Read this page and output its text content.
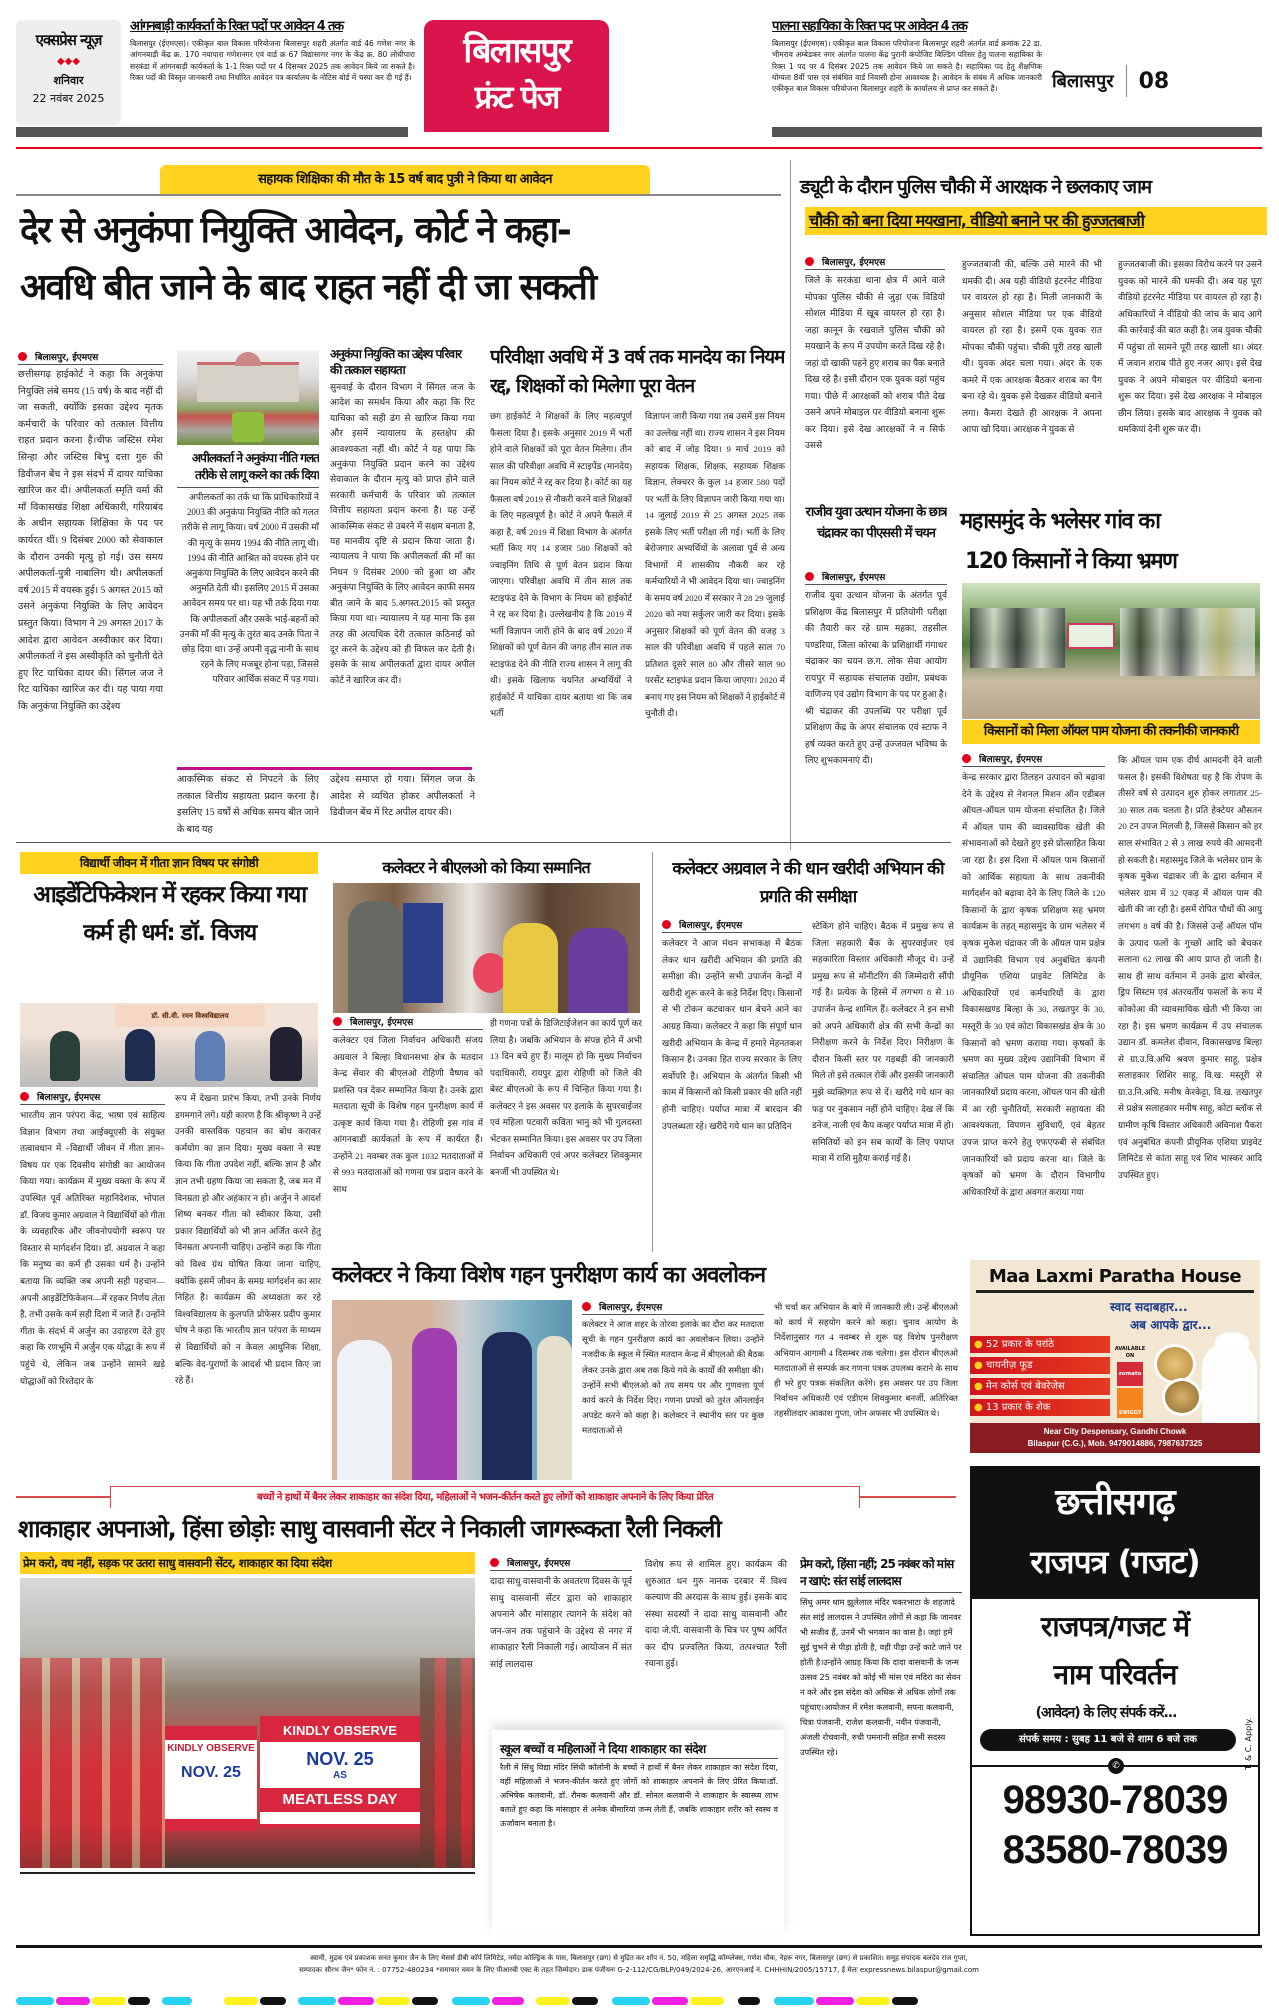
एक्सप्रेस न्यूज़
◆◆◆
शनिवार
22 नवंबर 2025
आंगनबाड़ी कार्यकर्ता के रिक्त पदों पर आवेदन 4 तक
बिलासपुर (ईएमएस)। एकीकृत बाल विकास परियोजना बिलासपुर शहरी अंतर्गत वार्ड 46 गणेश नगर के आंगनबाड़ी केंद्र क्र. 170 नयापारा गणेशनगर एवं वार्ड क्र 67 विद्यासागर नगर के केंद्र क्र. 80 लोधीपारा सरकंडा में आंगनबाड़ी कार्यकर्ता के 1-1 रिक्त पदों पर 4 दिसम्बर 2025 तक आवेदन किये जा सकते है। रिक्त पदों की विस्तृत जानकारी तथा निर्धारित आवेदन पत्र कार्यालय के नोटिस बोर्ड में चस्पा कर दी गई हैं।
बिलासपुर
फ्रंट पेज
पालना सहायिका के रिक्त पद पर आवेदन 4 तक
बिलासपुर (ईएमएस)। एकीकृत बाल विकास परियोजना बिलासपुर शहरी अंतर्गत वार्ड क्रमांक 22 डा. भीमराव अम्बेडकर नगर अंतर्गत पालना केंद्र पुरानी कंपोजिट बिल्डिंग परिसर हेतु पालना सहायिका के रिक्त 1 पद पर 4 दिसंबर 2025 तक आवेदन किये जा सकते है। सहायिका पद हेतु शैक्षणिक योग्यता 8वीं पास एवं संबंधित वार्ड निवासी होना आवश्यक है। आवेदन के संबंध में अधिक जानकारी एकीकृत बाल विकास परियोजना बिलासपुर शहरी के कार्यालय से प्राप्त कर सकते है।	बिलासपुर 08
सहायक शिक्षिका की मौत के 15 वर्ष बाद पुत्री ने किया था आवेदन
देर से अनुकंपा नियुक्ति आवेदन, कोर्ट ने कहा-
अवधि बीत जाने के बाद राहत नहीं दी जा सकती
बिलासपुर, ईएमएस
छत्तीसगढ़ हाईकोर्ट ने कहा कि अनुकंपा नियुक्ति लंबे समय (15 वर्ष) के बाद नहीं दी जा सकती, क्योंकि इसका उद्देश्य मृतक कर्मचारी के परिवार को तत्काल वित्तीय राहत प्रदान करना है।चीफ जस्टिस रमेश सिन्हा और जस्टिस बिभु दत्ता गुरु की डिवीजन बेंच ने इस संदर्भ में दायर याचिका खारिज कर दी। अपीलकर्ता स्मृति वर्मा की माँ विकासखंड शिक्षा अधिकारी, गरियाबंद के अधीन सहायक शिक्षिका के पद पर कार्यरत थीं। 9 दिसंबर 2000 को सेवाकाल के दौरान उनकी मृत्यु हो गई। उस समय अपीलकर्ता-पुत्री नाबालिग थी। अपीलकर्ता वर्ष 2015 में वयस्क हुई। 5 अगस्त 2015 को उसने अनुकंपा नियुक्ति के लिए आवेदन प्रस्तुत किया। विभाग ने 29 अगस्त 2017 के आदेश द्वारा आवेदन अस्वीकार कर दिया। अपीलकर्ता ने इस अस्वीकृति को चुनौती देते हुए रिट याचिका दायर की। सिंगल जज ने रिट याचिका खारिज कर दी। यह पाया गया कि अनुकंपा नियुक्ति का उद्देश्य
अपीलकर्ता ने अनुकंपा नीति गलत तरीके से लागू करने का तर्क दिया
अपीलकर्ता का तर्क था कि प्राधिकारियों ने 2003 की अनुकंपा नियुक्ति नीति को गलत तरीके से लागू किया। वर्ष 2000 में उसकी माँ की मृत्यु के समय 1994 की नीति लागू थी। 1994 की नीति आश्रित को वयस्क होने पर अनुकंपा नियुक्ति के लिए आवेदन करने की अनुमति देती थी। इसलिए 2015 में उसका आवेदन समय पर था। यह भी तर्क दिया गया कि अपीलकर्ता और उसके भाई-बहनों को उनकी माँ की मृत्यु के तुरंत बाद उनके पिता ने छोड़ दिया था। उन्हें अपनी वृद्ध नानी के साथ रहने के लिए मजबूर होना पड़ा, जिससे परिवार आर्थिक संकट में पड़ गया।
आकस्मिक संकट से निपटने के लिए तत्काल वित्तीय सहायता प्रदान करना है। इसलिए 15 वर्षों से अधिक समय बीत जाने के बाद यह
अनुकंपा नियुक्ति का उद्देश्य परिवार की तत्काल सहायता
सुनवाई के दौरान विभाग ने सिंगल जज के आदेश का समर्थन किया और कहा कि रिट याचिका को सही ढंग से खारिज किया गया और इसमें न्यायालय के हस्तक्षेप की आवश्यकता नहीं थी। कोर्ट ने यह पाया कि अनुकंपा नियुक्ति प्रदान करने का उद्देश्य सेवाकाल के दौरान मृत्यु को प्राप्त होने वाले सरकारी कर्मचारी के परिवार को तत्काल वित्तीय सहायता प्रदान करना है। यह उन्हें आकस्मिक संकट से उबरने में सक्षम बनाता है, यह मानवीय दृष्टि से प्रदान किया जाता है। न्यायालय ने पाया कि अपीलकर्ता की माँ का निधन 9 दिसंबर 2000 को हुआ था और अनुकंपा नियुक्ति के लिए आवेदन काफी समय बीत जाने के बाद 5.अगस्त.2015 को प्रस्तुत किया गया था। न्यायालय ने यह माना कि इस तरह की अत्यधिक देरी तत्काल कठिनाई को दूर करने के उद्देश्य को ही विफल कर देती है। इसके के साथ अपीलकर्ता द्वारा दायर अपील कोर्ट ने खारिज कर दी।
उद्देश्य समाप्त हो गया। सिंगल जज के आदेश से व्यथित होकर अपीलकर्ता ने डिवीजन बेंच में रिट अपील दायर की।
परिवीक्षा अवधि में 3 वर्ष तक मानदेय का नियम रद्द, शिक्षकों को मिलेगा पूरा वेतन
छग हाईकोर्ट ने शिक्षकों के लिए महत्वपूर्ण फैसला दिया है। इसके अनुसार 2019 में भर्ती होने वाले शिक्षकों को पूरा वेतन मिलेगा। तीन साल की परिवीक्षा अवधि में स्टाइपेंड (मानदेय) का नियम कोर्ट ने रद्द कर दिया है। कोर्ट का यह फैसला वर्ष 2019 से नौकरी करने वाले शिक्षकों के लिए महत्वपूर्ण है। कोर्ट ने अपने फैसले में कहा है, वर्ष 2019 में शिक्षा विभाग के अंतर्गत भर्ती किए गए 14 हजार 580 शिक्षकों को ज्वाइनिंग तिथि से पूर्ण वेतन प्रदान किया जाएगा। परिवीक्षा अवधि में तीन साल तक स्टाइफंड देने के विभाग के नियम को हाईकोर्ट ने रद्द कर दिया है। उल्लेखनीय है कि 2019 में भर्ती विज्ञापन जारी होने के बाद वर्ष 2020 में शिक्षकों को पूर्ण वेतन की जगह तीन साल तक स्टाइफंड देने की नीति राज्य शासन ने लागू की थी। इसके खिलाफ चयनित अभ्यर्थियों ने हाईकोर्ट में याचिका दायर बताया था कि जब भर्ती
विज्ञापन जारी किया गया तब उसमें इस नियम का उल्लेख नहीं था। राज्य शासन ने इस नियम को बाद में जोड़ दिया। 9 मार्च 2019 को सहायक शिक्षक, शिक्षक, सहायक शिक्षक विज्ञान, लेक्चरर के कुल 14 हजार 580 पदों पर भर्ती के लिए विज्ञापन जारी किया गया था। 14 जुलाई 2019 से 25 अगस्त 2025 तक इसके लिए भर्ती परीक्षा ली गई। भर्ती के लिए बेरोजगार अभ्यर्थियों के अलावा पूर्व से अन्य विभागों में शासकीय नौकरी कर रहे कर्मचारियों ने भी आवेदन दिया था। ज्वाइनिंग के समय वर्ष 2020 में सरकार ने 28 29 जुलाई 2020 को नया सर्कुलर जारी कर दिया। इसके अनुसार शिक्षकों को पूर्ण वेतन की वजह 3 साल की परिवीक्षा अवधि में पहले साल 70 प्रतिशत दूसरे साल 80 और तीसरे साल 90 परसेंट स्टाइफंड प्रदान किया जाएगा। 2020 में बनाए गए इस नियम को शिक्षकों ने हाईकोर्ट में चुनौती दी।
ड्यूटी के दौरान पुलिस चौकी में आरक्षक ने छलकाए जाम
चौकी को बना दिया मयखाना, वीडियो बनाने पर की हुज्जतबाजी
बिलासपुर, ईएमएस
जिले के सरकंडा थाना क्षेत्र में आने वाले मोपका पुलिस चौकी से जुड़ा एक विडियो सोशल मीडिया में खूब वायरल हो रहा है। जहा कानून के रखवाले पुलिस चौकी को मयखाने के रूप में उपयोग करते दिख रहे है। जहां दो खाकी पहने हुए शराब का पैक बनाते दिख रहे है। इसी दौरान एक युवक वहां पहुंच गया। पीछे में आरक्षकों को शराब पीते देख उसने अपने मोबाइल पर वीडियो बनाना शुरू कर दिया। इसे देख आरक्षकों ने न सिर्फ उससे
हुज्जतबाजी की, बल्कि उसे मारने की भी धमकी दी। अब यही वीडियो इंटरनेट मीडिया पर वायरल हो रहा है। मिली जानकारी के अनुसार सोशल मीडिया पर एक वीडियो वायरल हो रहा है। इसमें एक युवक रात मोपका चौकी पहुंचा। चौकी पूरी तरह खाली थी। युवक अंदर चला गया। अंदर के एक कमरे में एक आरक्षक बैठकर शराब का पैग बना रहे थे। युवक इसे देखकर वीडियो बनाने लगा। कैमरा देखते ही आरक्षक ने अपना आपा खो दिया। आरक्षक ने युवक से
हुज्जतबाजी की। इसका विरोध करने पर उसने युवक को मारने की धमकी दी। अब यह पूरा वीडियो इंटरनेट मीडिया पर वायरल हो रहा है। अधिकारियों ने वीडियो की जांच के बाद आगे की कार्रवाई की बात कही है। जब युवक चौकी में पहुंचा तो सामने पूरी तरह खाली था। अंदर में जवान शराब पीते हुए नजर आए। इसे देख युवक ने अपने मोबाइल पर वीडियो बनाना शुरू कर दिया। इसे देख आरक्षक ने मोबाइल छीन लिया। इसके बाद आरक्षक ने युवक को धमकियां देनी शुरू कर दी।
राजीव युवा उत्थान योजना के छात्र चंद्राकर का पीएससी में चयन
बिलासपुर, ईएमएस
राजीव युवा उत्थान योजना के अंतर्गत पूर्व प्रशिक्षण केंद्र बिलासपुर में प्रतियोगी परीक्षा की तैयारी कर रहे ग्राम महका, तहसील पण्डरिया, जिला कोरबा के प्रशिक्षार्थी गंगाधर चंद्राकर का चयन छ.ग. लोक सेवा आयोग रायपुर में सहायक संचालक उद्योग, प्रबंधक वाणिज्य एवं उद्योग विभाग के पद पर हुआ है। श्री चंद्राकर की उपलब्धि पर परीक्षा पूर्व प्रशिक्षण केंद्र के अपर संचालक एवं स्टाफ ने हर्ष व्यक्त करते हुए उन्हें उज्जवल भविष्य के लिए शुभकामनाएं दी।
महासमुंद के भलेसर गांव का
120 किसानों ने किया भ्रमण
किसानों को मिला ऑयल पाम योजना की तकनीकी जानकारी
बिलासपुर, ईएमएस
केन्द्र सरकार द्वारा तिलहन उत्पादन को बढ़ावा देने के उद्देश्य से नेशनल मिशन ऑन एडीबल ऑयल-ऑयल पाम योजना संचालित है। जिले में ऑयल पाम की व्यावसायिक खेती की संभावनाओं को देखते हुए इसे प्रोत्साहित किया जा रहा है। इस दिशा में ऑयल पाम किसानों को आर्थिक सहायता के साथ तकनीकी मार्गदर्शन को बढ़ावा देने के लिए जिले के 120 किसानों के द्वारा कृषक प्रशिक्षण सह भ्रमण कार्यक्रम के तहत् महासमुंद के ग्राम भलेसर में कृषक मुकेश चंद्राकर जी के ऑयल पाम प्रक्षेत्र में उद्यानिकी विभाग एवं अनुबंधित कंपनी प्रीयूनिक एशिया प्राइवेट लिमिटेड के अधिकारियों एवं कर्मचारियों के द्वारा विकासखण्ड बिल्हा के 30, तखतपुर के 30, मस्तूरी के 30 एवं कोटा विकासखंड क्षेत्र के 30 किसानों को भ्रमण कराया गया। कृषकों के भ्रमण का मुख्य उद्देश्य उद्यानिकी विभाग में संचालित ऑयल पाम योजना की तकनीकी जानकारियों प्रदाय करना, ऑयल पान की खेती में आ रही चुनौतियों, सरकारी सहायता की आवश्यकता, विपणन सुविधाएँ, एवं बेहतर उपज प्राप्त करने हेतु एफएफबी से संबंधित जानकारियों को प्रदाय करना था। जिले के कृषकों को भ्रमण के दौरान विभागीय अधिकारियों के द्वारा अवगत कराया गया
कि ऑयल पाम एक दीर्घ आमदनी देने वाली फसल है। इसकी विशेषता यह है कि रोपण के तीसरे वर्ष से उत्पादन शुरु होकर लगातार 25-30 साल तक चलता है। प्रति हेक्टेयर औसतन 20 टन उपज मिलजी है, जिससे किसान को हर साल संभावित 2 से 3 लाख रुपये की आमदनी हो सकती है। महासमुंद जिले के भलेसर ग्राम के कृषक मुकेश चंद्राकर जी के द्वारा वर्तमान में भलेसर ग्राम में 32 एकड़ में ऑयल पाम की खेती की जा रही है। इसमें रोपित पौधों की आयु लगभग 8 वर्ष की है। जिससे उन्हें ऑयल पॉम के उत्पाद फलों के गुच्छों आदि को बेचकर सलाना 62 लाख की आय प्राप्त हो जाती है। साथ ही साथ वर्तमान में उनके द्वारा बोरवेल, ड्रिप सिस्टम एवं अंतरवर्तीय फसलों के रूप में कोकोआ की व्यावसायिक खेती भी किया जा रहा है। इस भ्रमण कार्यक्रम में उप संचालक उद्यान डॉ. कमलेश दीवान, विकासखण्ड बिल्हा से ग्रा.उ.वि.अधि श्रवण कुमार साहू, प्रक्षेत्र सलाहकार शिशिर साहू, वि.ख. मस्तूरी से ग्रा.उ.नि.अधि. मनीष केरकेट्टा, वि.ख. तखतपुर से प्रक्षेत्र सलाहकार मनीष साहू, कोटा ब्लॉक से ग्रामीण कृषि विस्तार अधिकारी अविनाश पैकरा एवं अनुबंधित कंपनी प्रीयूनिक एशिया प्राइवेट लिमिटेड से कांता साहू एवं शिव भास्कर आदि उपस्थित हुए।
विद्यार्थी जीवन में गीता ज्ञान विषय पर संगोष्ठी
आइडेंटिफिकेशन में रहकर किया गया कर्म ही धर्म: डॉ. विजय
डॉ. सी.वी. रमन विश्वविद्यालय
बिलासपुर, ईएमएस
भारतीय ज्ञान परंपरा केंद्र, भाषा एवं साहित्य विज्ञान विभाग तथा आईक्यूएसी के संयुक्त तत्वावधान में ÷विद्यार्थी जीवन में गीता ज्ञान÷ विषय पर एक दिवसीय संगोष्ठी का आयोजन किया गया। कार्यक्रम में मुख्य वक्ता के रूप में उपस्थित पूर्व अतिरिक्त महानिदेशक, भोपाल डॉ. विजय कुमार अग्रवाल ने विद्यार्थियों को गीता के व्यवहारिक और जीवनोपयोगी स्वरूप पर विस्तार से मार्गदर्शन दिया। डॉ. अग्रवाल ने कहा कि मनुष्य का कर्म ही उसका धर्म है। उन्होंने बताया कि व्यक्ति जब अपनी सही पहचान—अपनी आइडेंटिफिकेशन—में रहकर निर्णय लेता है, तभी उसके कर्म सही दिशा में जाते हैं। उन्होंने गीता के संदर्भ में अर्जुन का उदाहरण देते हुए कहा कि रणभूमि में अर्जुन एक योद्धा के रूप में पहुंचे थे, लेकिन जब उन्होंने सामने खड़े योद्धाओं को रिश्तेदार के
रूप में देखना प्रारंभ किया, तभी उनके निर्णय डगमगाने लगे। यही कारण है कि श्रीकृष्ण ने उन्हें उनकी वास्तविक पहचान का बोध कराकर कर्मयोग का ज्ञान दिया। मुख्य वक्ता ने स्पष्ट किया कि गीता उपदेश नहीं, बल्कि ज्ञान है और ज्ञान तभी ग्रहण किया जा सकता है, जब मन में विनम्रता हो और अहंकार न हो। अर्जुन ने आदर्श शिष्य बनकर गीता को स्वीकार किया, उसी प्रकार विद्यार्थियों को भी ज्ञान अर्जित करने हेतु विनम्रता अपनानी चाहिए। उन्होंने कहा कि गीता को विश्व ग्रंथ घोषित किया जाना चाहिए, क्योंकि इसमें जीवन के समग्र मार्गदर्शन का सार निहित है। कार्यक्रम की अध्यक्षता कर रहे विश्वविद्यालय के कुलपति प्रोफेसर प्रदीप कुमार घोष ने कहा कि भारतीय ज्ञान परंपरा के माध्यम से विद्यार्थियों को न केवल आधुनिक शिक्षा, बल्कि वेद-पुराणों के आदर्श भी प्रदान किए जा रहे हैं।
कलेक्टर ने बीएलओ को किया सम्मानित
बिलासपुर, ईएमएस
कलेक्टर एवं जिला निर्वाचन अधिकारी संजय अग्रवाल ने बिल्हा विधानसभा क्षेत्र के मतदान केन्द्र सेंवार की बीएलओ रोहिणी वैष्णव को प्रशस्ति पत्र देकर सम्मानित किया है। उनके द्वारा मतदाता सूची के विशेष गहन पुनरीक्षण कार्य में उत्कृष्ट कार्य किया गया है। रोहिणी इस गांव में आंगनबाडी कार्यकर्ता के रूप में कार्यरत हैं। उन्होंने 21 नवम्बर तक कुल 1032 मतदाताओं में से 993 मतदाताओं को गणना पत्र प्रदान करने के साथ
ही गणना पत्रों के डिजिटाईजेशन का कार्य पूर्ण कर लिया है। जबकि अभियान के संपन्न होने में अभी 13 दिन बचे हुए हैं। मालूम हो कि मुख्य निर्वाचन पदाधिकारी, रायपुर द्वारा रोहिणी को जिले की बेस्ट बीएलओ के रूप में चिन्हित किया गया है। कलेक्टर ने इस अवसर पर इलाके के सुपरवाईजर एवं महिला पटवारी कविता भानु को भी गुलदस्ता भेंटकर सम्मानित किया। इस अवसर पर उप जिला निर्वाचन अधिकारी एवं अपर कलेक्टर शिवकुमार बनर्जी भी उपस्थित थे।
कलेक्टर अग्रवाल ने की धान खरीदी अभियान की प्रगति की समीक्षा
बिलासपुर, ईएमएस
कलेक्टर ने आज मंथन सभाकक्ष में बैठक लेकर धान खरीदी अभियान की प्रगति की समीक्षा की। उन्होंने सभी उपार्जन केन्द्रों में खरीदी शुरू करने के कड़े निर्देश दिए। किसानों से भी टोकन कटवाकर धान बेचने आने का आग्रह किया। कलेक्टर ने कहा कि संपूर्ण धान खरीदी अभियान के केन्द्र में हमारे मेहनतकश किसान है। उनका हित राज्य सरकार के लिए सर्वोपरि है। अभियान के अंतर्गत किसी भी काम में किसानों को किसी प्रकार की क्षति नहीं होनी चाहिए। पर्याप्त मात्रा में बारदान की उपलब्धता रहे। खरीदे गये धान का प्रतिदिन
स्टेकिंग होने चाहिए। बैठक में प्रमुख रूप से जिला सहकारी बैंक के सुपरवाईजर एवं सहकारिता विस्तार अधिकारी मौजूद थे। उन्हें प्रमुख रूप से मॉनीटरिंग की जिम्मेदारी सौंपी गई है। प्रत्येक के हिस्से में लगभग 8 से 10 उपार्जन केन्द्र शामिल हैं। कलेक्टर ने इन सभी को अपने अधिकारी क्षेत्र की सभी केन्द्रों का निरीक्षण करने के निर्देश दिए। निरीक्षण के दौरान किसी स्तर पर गड़बड़ी की जानकारी मिले तो इसे तत्काल रोकें और इसकी जानकारी मुझे व्यक्तिगत रूप से दें। खरीदे गये धान का फड़ पर नुकसान नहीं होने चाहिए। देख लें कि डनेज, नाली एवं कैप कव्हर पर्याप्त मात्रा में हो। समितियों को इन सब कार्यों के लिए पयाप्त मात्रा में राशि मुहैया कराई गई है।
कलेक्टर ने किया विशेष गहन पुनरीक्षण कार्य का अवलोकन
बिलासपुर, ईएमएस
कलेक्टर ने आज शहर के तोरवा इलाके का दौरा कर मतदाता सूची के गहन पुनरीक्षण कार्य का अवलोकन लिया। उन्होंने नजदीक के स्कूल में स्थित मतदान केन्द्र में बीएलओ की बैठक लेकर उनके द्वारा अब तक किये गये के कार्यों की समीक्षा की। उन्होंनें सभी बीएलओ को तय समय पर और गुणवत्ता पूर्ण कार्य करने के निर्देश दिए। गणना प्रपत्रों को तुरंत ऑनलाईन अपडेट करने को कहा है। कलेक्टर ने स्थानीय स्तर पर कुछ मतदाताओं से
भी चर्चा कर अभियान के बारे में जानकारी ली। उन्हें बीएलओ को कार्य में सहयोग करने को कहा। चुनाव आयोग के निर्देशानुसार गत 4 नवम्बर से शुरू यह विशेष पुनरीक्षण अभियान आगामी 4 दिसम्बर तक चलेगा। इस दौरान बीएलओ मतदाताओं से सम्पर्क कर गणना पत्रक उपलब्ध कराने के साथ ही भरे हुए पत्रक संकलित करेंगे। इस अवसर पर उप जिला निर्वाचन अधिकारी एवं एडीएम शिवकुमार बनर्जी, अतिरिक्त तहसीलदार आकाश गुप्ता, जोन अफसर भी उपस्थित थे।
Maa Laxmi Paratha House
स्वाद सदाबहार...
अब आपके द्वार...
● 52 प्रकार के परांठे
● चायनीज़ फूड
● मेन कोर्स एवं बेवरेजेस
● 13 प्रकार के शेक
AVAILABLE ON
zomato
SWIGGY
Near City Despensary, Gandhi Chowk
Bilaspur (C.G.), Mob. 9479014886, 7987637325
छत्तीसगढ़
राजपत्र (गजट)
राजपत्र/गजट में
नाम परिवर्तन
(आवेदन) के लिए संपर्क करें...
संपर्क समय : सुबह 11 बजे से शाम 6 बजे तक	T. & C. Apply.
✆
98930-78039
83580-78039
बच्चों ने हाथों में बैनर लेकर शाकाहार का संदेश दिया, महिलाओं ने भजन-कीर्तन करते हुए लोगों को शाकाहार अपनाने के लिए किया प्रेरित
शाकाहार अपनाओ, हिंसा छोड़ोः साधु वासवानी सेंटर ने निकाली जागरूकता रैली निकली
प्रेम करो, वध नहीं, सड़क पर उतरा साधु वासवानी सेंटर, शाकाहार का दिया संदेश
KINDLY OBSERVE
NOV. 25
KINDLY OBSERVE
NOV. 25
AS
MEATLESS DAY
बिलासपुर, ईएमएस
दादा साधु वासवानी के अवतरण दिवस के पूर्व साधु वासवानी सेंटर द्वारा को शाकाहार अपनाने और मांसाहार त्यागने के संदेश को जन-जन तक पहुंचाने के उद्देश्य से नगर में शाकाहार रैली निकाली गई। आयोजन में संत सांई लालदास
विशेष रूप से शामिल हुए। कार्यक्रम की शुरुआत धन गुरु नानक दरबार में विश्व कल्याण की अरदास के साथ हुई। इसके बाद संस्था सदस्यों ने दादा साधु वासवानी और दादा जे.पी. वासवानी के चित्र पर पुष्प अर्पित कर दीप प्रज्वलित किया, तत्पश्चात रैली रवाना हुई।
स्कूल बच्चों व महिलाओं ने दिया शाकाहार का संदेश
रैली में सिंधु विद्या मंदिर सिंधी कॉलोनी के बच्चों ने हाथों में बैनर लेकर शाकाहार का संदेश दिया, वहीं महिलाओं ने भजन-कीर्तन करते हुए लोगों को शाकाहार अपनाने के लिए प्रेरित किया।डॉ. अभिषेक कलवानी, डॉ. रौनक कलवानी और डॉ. सोनल कलवानी ने शाकाहार के स्वास्थ्य लाभ बताते हुए कहा कि मांसाहार से अनेक बीमारियां जन्म लेती हैं, जबकि शाकाहार शरीर को स्वस्थ व ऊर्जावान बनाता है।
प्रेम करो, हिंसा नहीं; 25 नवंबर को मांस न खाएं: संत सांई लालदास
सिंधु अमर धाम झूलेलाल मंदिर चकरभाटा के शहजादे संत सांई लालदास ने उपस्थित लोगों से कहा कि जानवर भी सजीव हैं, उनमें भी भगवान का वास है। जहां हमें सुई चुभने से पीड़ा होती है, वही पीड़ा उन्हें काटे जाने पर होती है।उन्होंने आग्रह किया कि दादा वासवानी के जन्म उत्सव 25 नवंबर को कोई भी मांस एवं मदिरा का सेवन न करे और इस संदेश को अधिक से अधिक लोगों तक पहुंचाए।आयोजन में रमेश कलवानी, सपना कलवानी, चित्रा पंजवानी, राजेश कलवानी, नवीन पंजवानी, अंजली रोचवानी, रुची पमनानी सहित सभी सदस्य उपस्थित रहे।
स्वामी, मुद्रक एवं प्रकाशक सनत कुमार जैन के लिए मेसर्स डीबी कॉर्प लिमिटेड, नर्मदा कोल्ड्रिंक के पास, बिलासपुर (छग) से मुद्रित कर शॉप नं. 50, महिला समृद्धि कॉम्प्लेक्स, गणेश चौक, नेहरू नगर, बिलासपुर (छग) से प्रकाशित। समूह संपादक बलदेव राज गुप्ता,
सम्पादकः सौरभ जैन* फोन नं. : 07752-480234 *समाचार चयन के लिए पीआरबी एक्ट के तहत जिम्मेदार। डाक पंजीयनः G-2-112/CG/BLP/049/2024-26, आरएनआई नं. CHHHIN/2005/15717, ई मेलः expressnews.bilaspur@gmail.com
